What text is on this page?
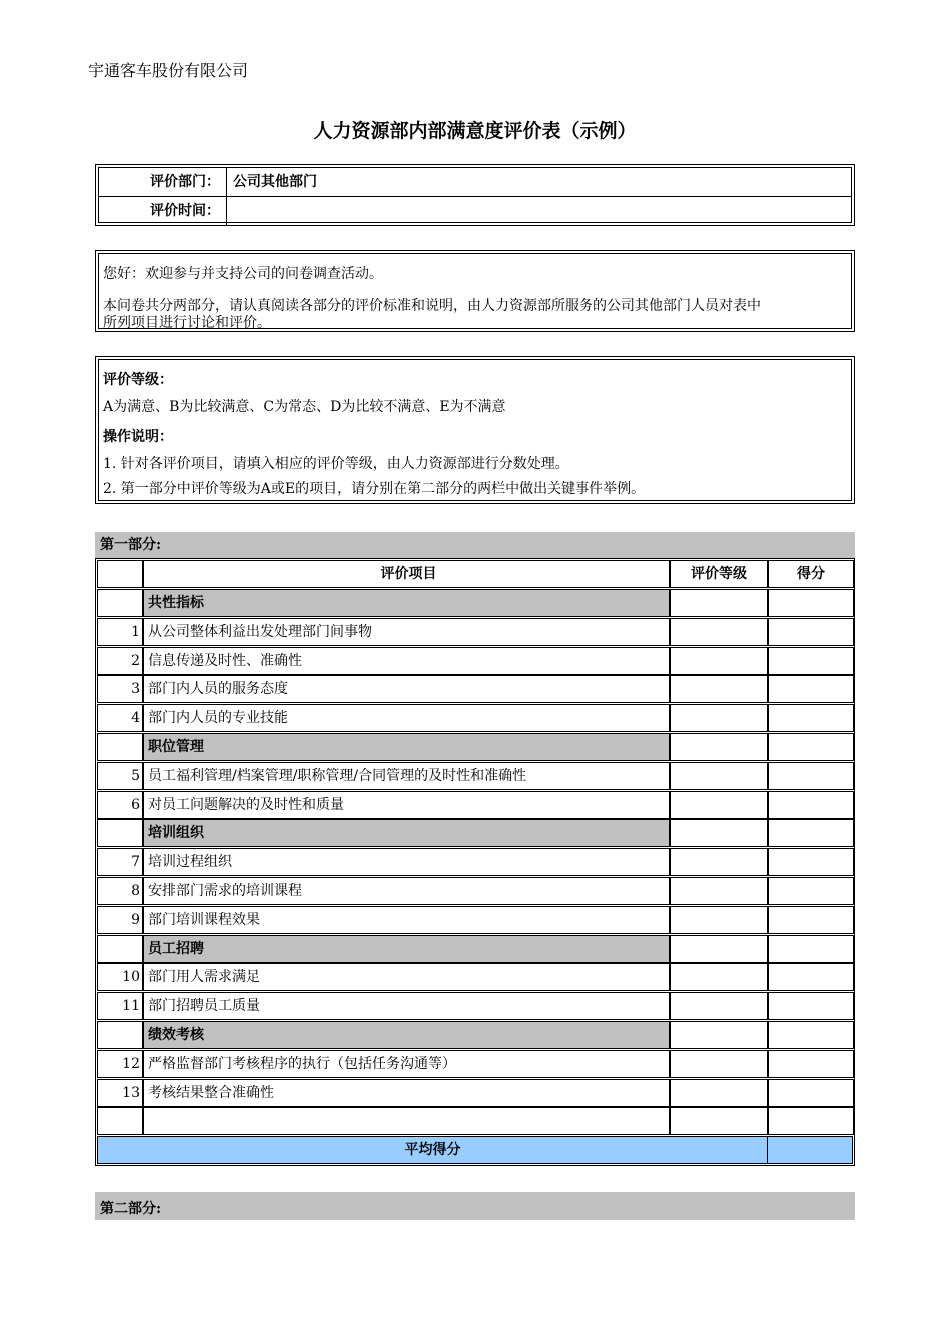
宇通客车股份有限公司
人力资源部内部满意度评价表（示例）
评价部门： 公司其他部门
评价时间：
您好：欢迎参与并支持公司的问卷调查活动。
本问卷共分两部分，请认真阅读各部分的评价标准和说明，由人力资源部所服务的公司其他部门人员对表中
所列项目进行讨论和评价。
评价等级：
A为满意、B为比较满意、C为常态、D为比较不满意、E为不满意
操作说明：
1. 针对各评价项目，请填入相应的评价等级，由人力资源部进行分数处理。
2. 第一部分中评价等级为A或E的项目，请分别在第二部分的两栏中做出关键事件举例。
第一部分:
评价项目	评价等级	得分
共性指标
1 从公司整体利益出发处理部门间事物
2 信息传递及时性、准确性
3 部门内人员的服务态度
4 部门内人员的专业技能
职位管理
5 员工福利管理/档案管理/职称管理/合同管理的及时性和准确性
6 对员工问题解决的及时性和质量
培训组织
7 培训过程组织
8 安排部门需求的培训课程
9 部门培训课程效果
员工招聘
10 部门用人需求满足
11 部门招聘员工质量
绩效考核
12 严格监督部门考核程序的执行（包括任务沟通等）
13 考核结果整合准确性
平均得分
第二部分:
